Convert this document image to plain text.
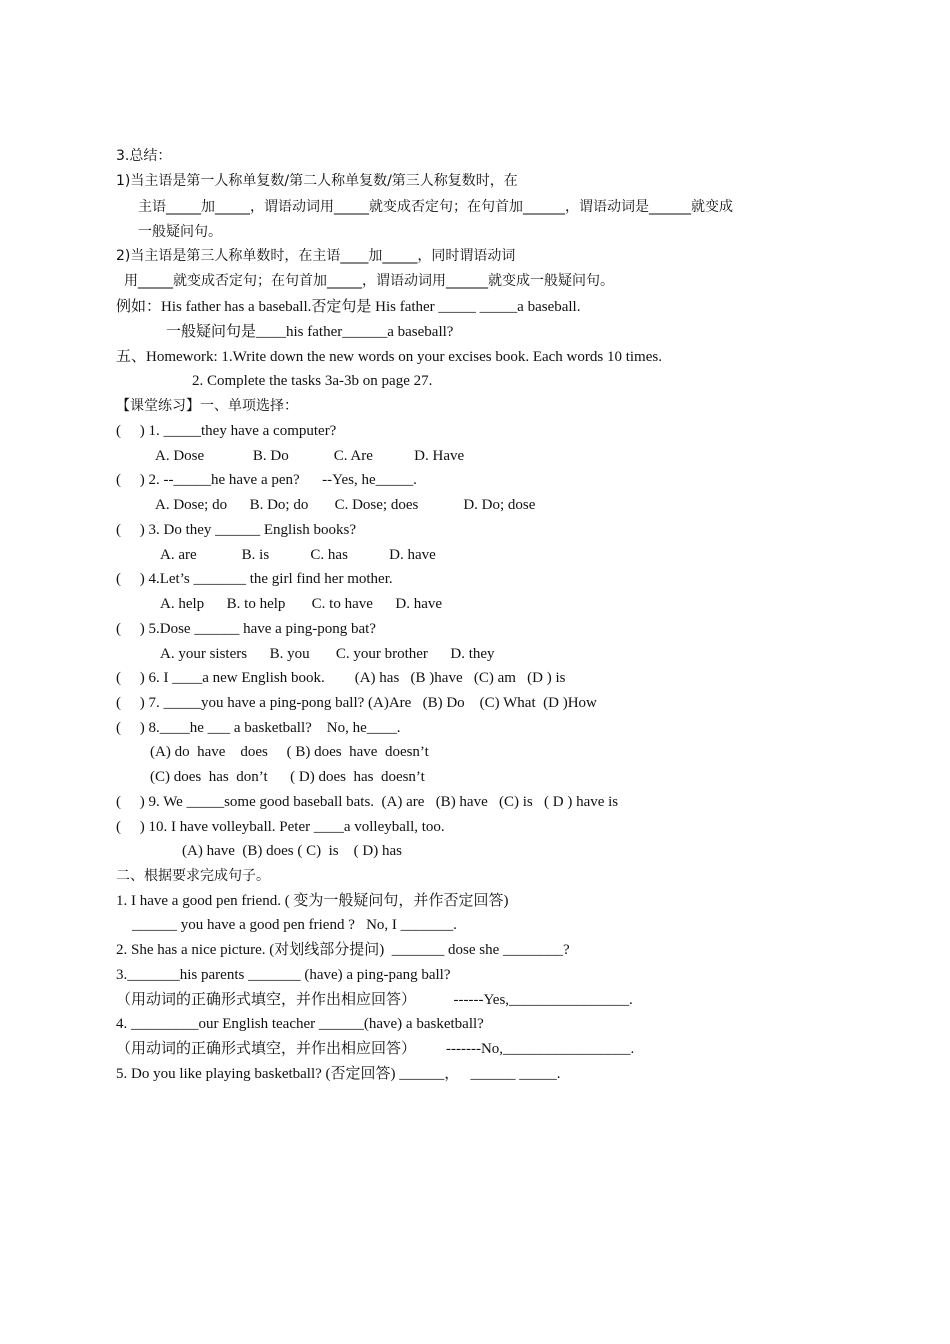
3.总结：
1)当主语是第一人称单复数/第二人称单复数/第三人称复数时，在
主语_____加_____，谓语动词用_____就变成否定句；在句首加______，谓语动词是______就变成
一般疑问句。
2)当主语是第三人称单数时，在主语____加_____，同时谓语动词
用_____就变成否定句；在句首加_____，谓语动词用______就变成一般疑问句。
例如：His father has a baseball.否定句是 His father _____ _____a baseball.
一般疑问句是____his father______a baseball?
五、Homework: 1.Write down the new words on your excises book. Each words 10 times.
2. Complete the tasks 3a-3b on page 27.
【课堂练习】一、单项选择：
(     ) 1. _____they have a computer?
A. Dose             B. Do            C. Are           D. Have
(     ) 2. --_____he have a pen?      --Yes, he_____.
A. Dose; do      B. Do; do       C. Dose; does            D. Do; dose
(     ) 3. Do they ______ English books?
A. are            B. is           C. has           D. have
(     ) 4.Let’s _______ the girl find her mother.
A. help      B. to help       C. to have      D. have
(     ) 5.Dose ______ have a ping-pong bat?
A. your sisters      B. you       C. your brother      D. they
(     ) 6. I ____a new English book.        (A) has   (B )have   (C) am   (D ) is
(     ) 7. _____you have a ping-pong ball? (A)Are   (B) Do    (C) What  (D )How
(     ) 8.____he ___ a basketball?    No, he____.
(A) do  have    does     ( B) does  have  doesn’t
(C) does  has  don’t      ( D) does  has  doesn’t
(     ) 9. We _____some good baseball bats.  (A) are   (B) have   (C) is   ( D ) have is
(     ) 10. I have volleyball. Peter ____a volleyball, too.
(A) have  (B) does ( C)  is    ( D) has
二、根据要求完成句子。
1. I have a good pen friend. ( 变为一般疑问句，并作否定回答)
______ you have a good pen friend ?   No, I _______.
2. She has a nice picture. (对划线部分提问)  _______ dose she ________?
3._______his parents _______ (have) a ping-pang ball?
（用动词的正确形式填空，并作出相应回答）          ------Yes,________________.
4. _________our English teacher ______(have) a basketball?
（用动词的正确形式填空，并作出相应回答）        -------No,_________________.
5. Do you like playing basketball? (否定回答) ______，   ______ _____.
